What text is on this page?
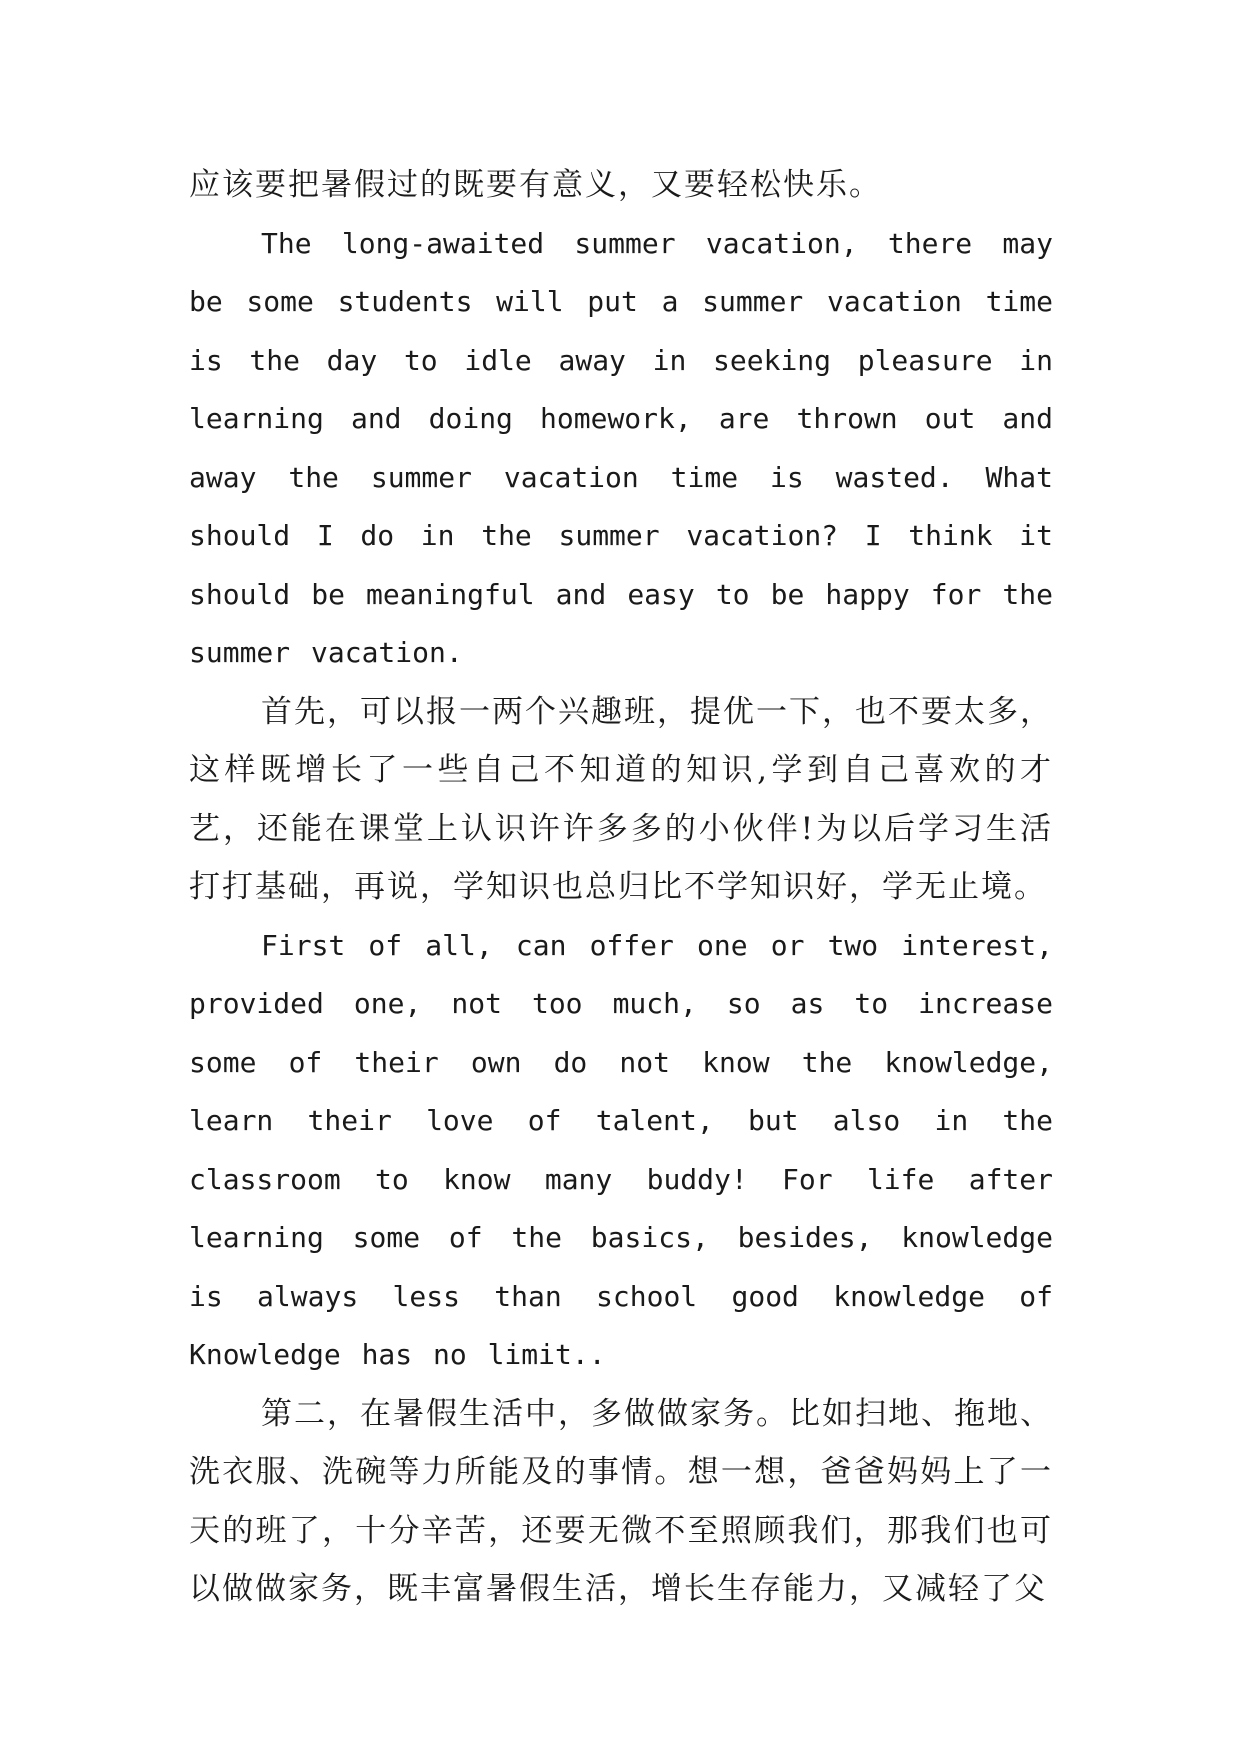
应该要把暑假过的既要有意义，又要轻松快乐。

The long-awaited summer vacation, there may be some students will put a summer vacation time is the day to idle away in seeking pleasure in learning and doing homework, are thrown out and away the summer vacation time is wasted. What should I do in the summer vacation? I think it should be meaningful and easy to be happy for the summer vacation.

首先，可以报一两个兴趣班，提优一下，也不要太多，这样既增长了一些自己不知道的知识,学到自己喜欢的才艺，还能在课堂上认识许许多多的小伙伴!为以后学习生活打打基础，再说，学知识也总归比不学知识好，学无止境。

First of all, can offer one or two interest, provided one, not too much, so as to increase some of their own do not know the knowledge, learn their love of talent, but also in the classroom to know many buddy! For life after learning some of the basics, besides, knowledge is always less than school good knowledge of Knowledge has no limit..

第二，在暑假生活中，多做做家务。比如扫地、拖地、洗衣服、洗碗等力所能及的事情。想一想，爸爸妈妈上了一天的班了，十分辛苦，还要无微不至照顾我们，那我们也可以做做家务，既丰富暑假生活，增长生存能力，又减轻了父
